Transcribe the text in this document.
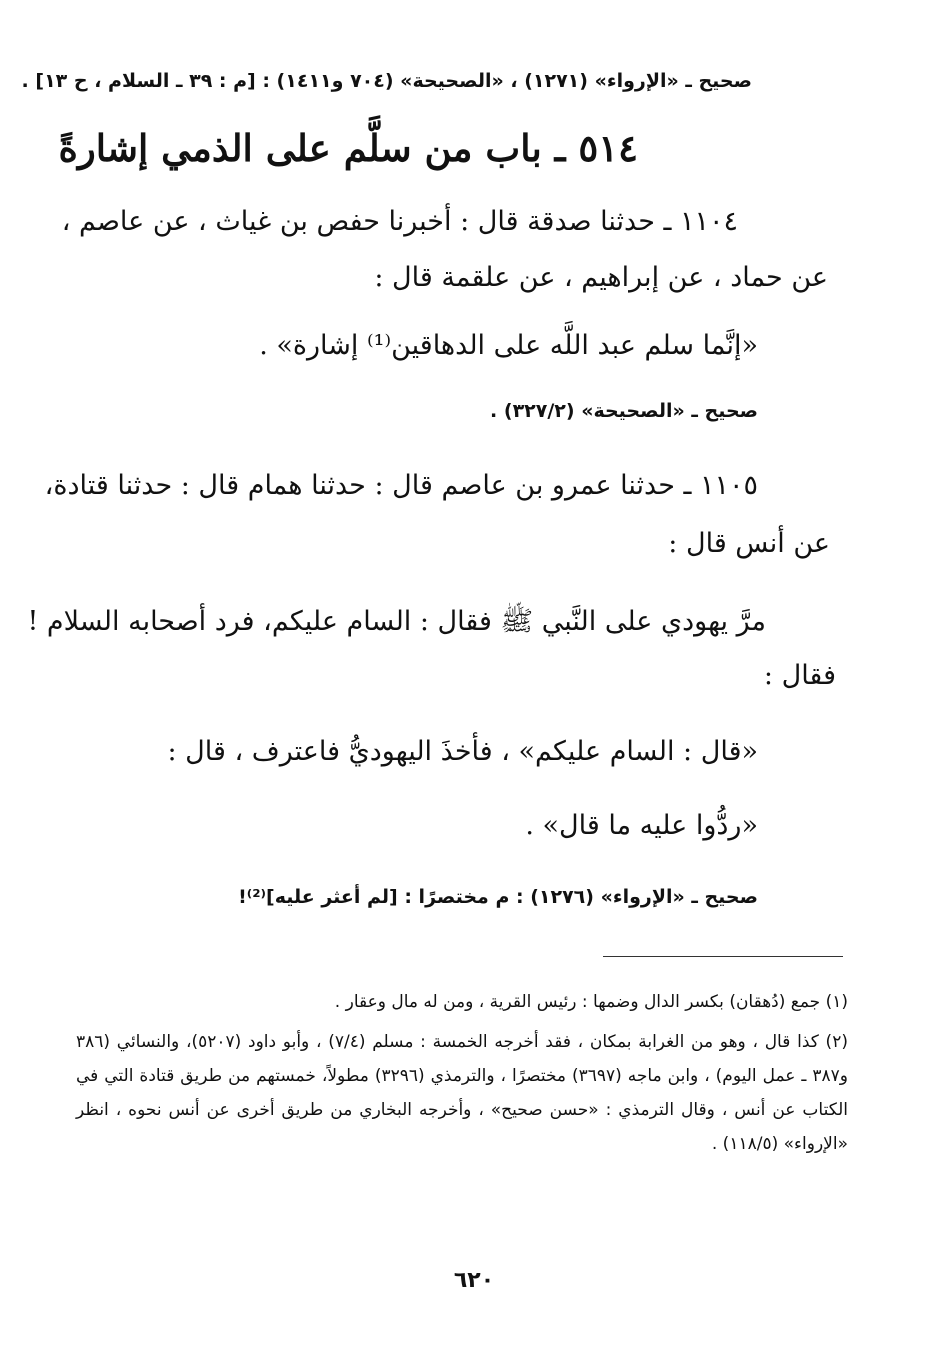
صحيح ـ «الإرواء» (١٢٧١) ، «الصحيحة» (٧٠٤ و١٤١١) : [م : ٣٩ ـ السلام ، ح ١٣] .
٥١٤ ـ باب من سلَّم على الذمي إشارةً
١١٠٤ ـ حدثنا صدقة قال : أخبرنا حفص بن غياث ، عن عاصم ،
عن حماد ، عن إبراهيم ، عن علقمة قال :
«إنَّما سلم عبد اللَّه على الدهاقين⁽¹⁾ إشارة» .
صحيح ـ «الصحيحة» (٣٢٧/٢) .
١١٠٥ ـ حدثنا عمرو بن عاصم قال : حدثنا همام قال : حدثنا قتادة،
عن أنس قال :
مرَّ يهودي على النَّبي ﷺ فقال : السام عليكم، فرد أصحابه السلام !
فقال :
«قال : السام عليكم» ، فأخذَ اليهوديُّ فاعترف ، قال :
«ردُّوا عليه ما قال» .
صحيح ـ «الإرواء» (١٢٧٦) : م مختصرًا : [لم أعثر عليه]⁽²⁾!
(١) جمع (دُهقان) بكسر الدال وضمها : رئيس القرية ، ومن له مال وعقار .
(٢) كذا قال ، وهو من الغرابة بمكان ، فقد أخرجه الخمسة : مسلم (٧/٤) ، وأبو داود (٥٢٠٧)، والنسائي (٣٨٦ و٣٨٧ ـ عمل اليوم) ، وابن ماجه (٣٦٩٧) مختصرًا ، والترمذي (٣٢٩٦) مطولاً، خمستهم من طريق قتادة التي في الكتاب عن أنس ، وقال الترمذي : «حسن صحيح» ، وأخرجه البخاري من طريق أخرى عن أنس نحوه ، انظر «الإرواء» (١١٨/٥) .
٦٢٠
